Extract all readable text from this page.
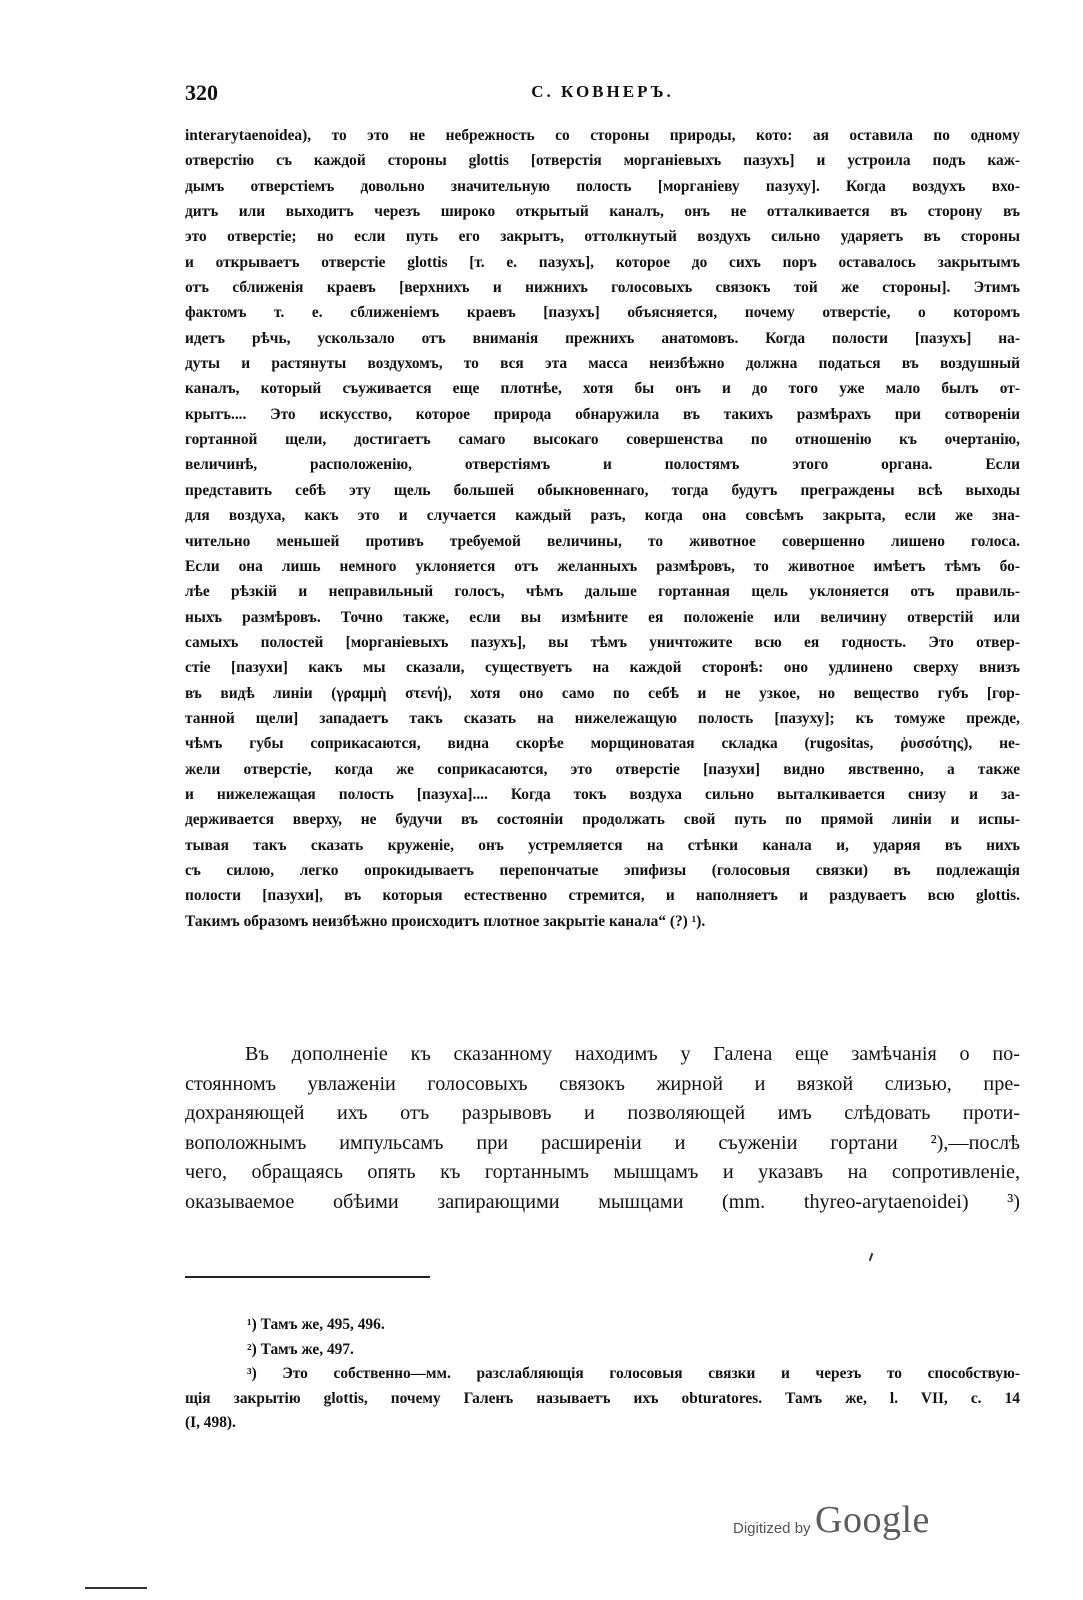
320	С. КОВНЕРЪ.
interarytaenoidea), то это не небрежность со стороны природы, кото: ая оставила по одному
отверстію съ каждой стороны glottis [отверстія морганіевыхъ пазухъ] и устроила подъ каж-
дымъ отверстіемъ довольно значительную полость [морганіеву пазуху]. Когда воздухъ вхо-
дитъ или выходитъ черезъ широко открытый каналъ, онъ не отталкивается въ сторону въ
это отверстіе; но если путь его закрытъ, оттолкнутый воздухъ сильно ударяетъ въ стороны
и открываетъ отверстіе glottis [т. е. пазухъ], которое до сихъ поръ оставалось закрытымъ
отъ сближенія краевъ [верхнихъ и нижнихъ голосовыхъ связокъ той же стороны]. Этимъ
фактомъ т. е. сближеніемъ краевъ [пазухъ] объясняется, почему отверстіе, о которомъ
идетъ рѣчь, ускользало отъ вниманія прежнихъ анатомовъ. Когда полости [пазухъ] на-
дуты и растянуты воздухомъ, то вся эта масса неизбѣжно должна податься въ воздушный
каналъ, который съуживается еще плотнѣе, хотя бы онъ и до того уже мало былъ от-
крытъ.... Это искусство, которое природа обнаружила въ такихъ размѣрахъ при сотвореніи
гортанной щели, достигаетъ самаго высокаго совершенства по отношенію къ очертанію,
величинѣ, расположенію, отверстіямъ и полостямъ этого органа. Если
представить себѣ эту щель большей обыкновеннаго, тогда будутъ преграждены всѣ выходы
для воздуха, какъ это и случается каждый разъ, когда она совсѣмъ закрыта, если же зна-
чительно меньшей противъ требуемой величины, то животное совершенно лишено голоса.
Если она лишь немного уклоняется отъ желанныхъ размѣровъ, то животное имѣетъ тѣмъ бо-
лѣе рѣзкій и неправильный голосъ, чѣмъ дальше гортанная щель уклоняется отъ правиль-
ныхъ размѣровъ. Точно также, если вы измѣните ея положеніе или величину отверстій или
самыхъ полостей [морганіевыхъ пазухъ], вы тѣмъ уничтожите всю ея годность. Это отвер-
стіе [пазухи] какъ мы сказали, существуетъ на каждой сторонѣ: оно удлинено сверху внизъ
въ видѣ линіи (γραμμὴ στενή), хотя оно само по себѣ и не узкое, но вещество губъ [гор-
танной щели] западаетъ такъ сказать на нижележащую полость [пазуху]; къ томуже прежде,
чѣмъ губы соприкасаются, видна скорѣе морщиноватая складка (rugositas, ῥυσσότης), не-
жели отверстіе, когда же соприкасаются, это отверстіе [пазухи] видно явственно, а также
и нижележащая полость [пазуха].... Когда токъ воздуха сильно выталкивается снизу и за-
держивается вверху, не будучи въ состояніи продолжать свой путь по прямой линіи и испы-
тывая такъ сказать круженіе, онъ устремляется на стѣнки канала и, ударяя въ нихъ
съ силою, легко опрокидываетъ перепончатые эпифизы (голосовыя связки) въ подлежащія
полости [пазухи], въ которыя естественно стремится, и наполняетъ и раздуваетъ всю glottis.
Такимъ образомъ неизбѣжно происходитъ плотное закрытіе канала“ (?) ¹).
Въ дополненіе къ сказанному находимъ у Галена еще замѣчанія о по-
стоянномъ увлаженіи голосовыхъ связокъ жирной и вязкой слизью, пре-
дохраняющей ихъ отъ разрывовъ и позволяющей имъ слѣдовать проти-
воположнымъ импульсамъ при расширеніи и съуженіи гортани ²),—послѣ
чего, обращаясь опять къ гортаннымъ мышцамъ и указавъ на сопротивленіе,
оказываемое обѣими запирающими мышцами (mm. thyreo-arytaenoidei) ³)
¹) Тамъ же, 495, 496.
²) Тамъ же, 497.
³) Это собственно—мм. разслабляющія голосовыя связки и черезъ то способствую-
щія закрытію glottis, почему Галенъ называетъ ихъ obturatores. Тамъ же, l. VII, с. 14
(I, 498).
Digitized by Google
